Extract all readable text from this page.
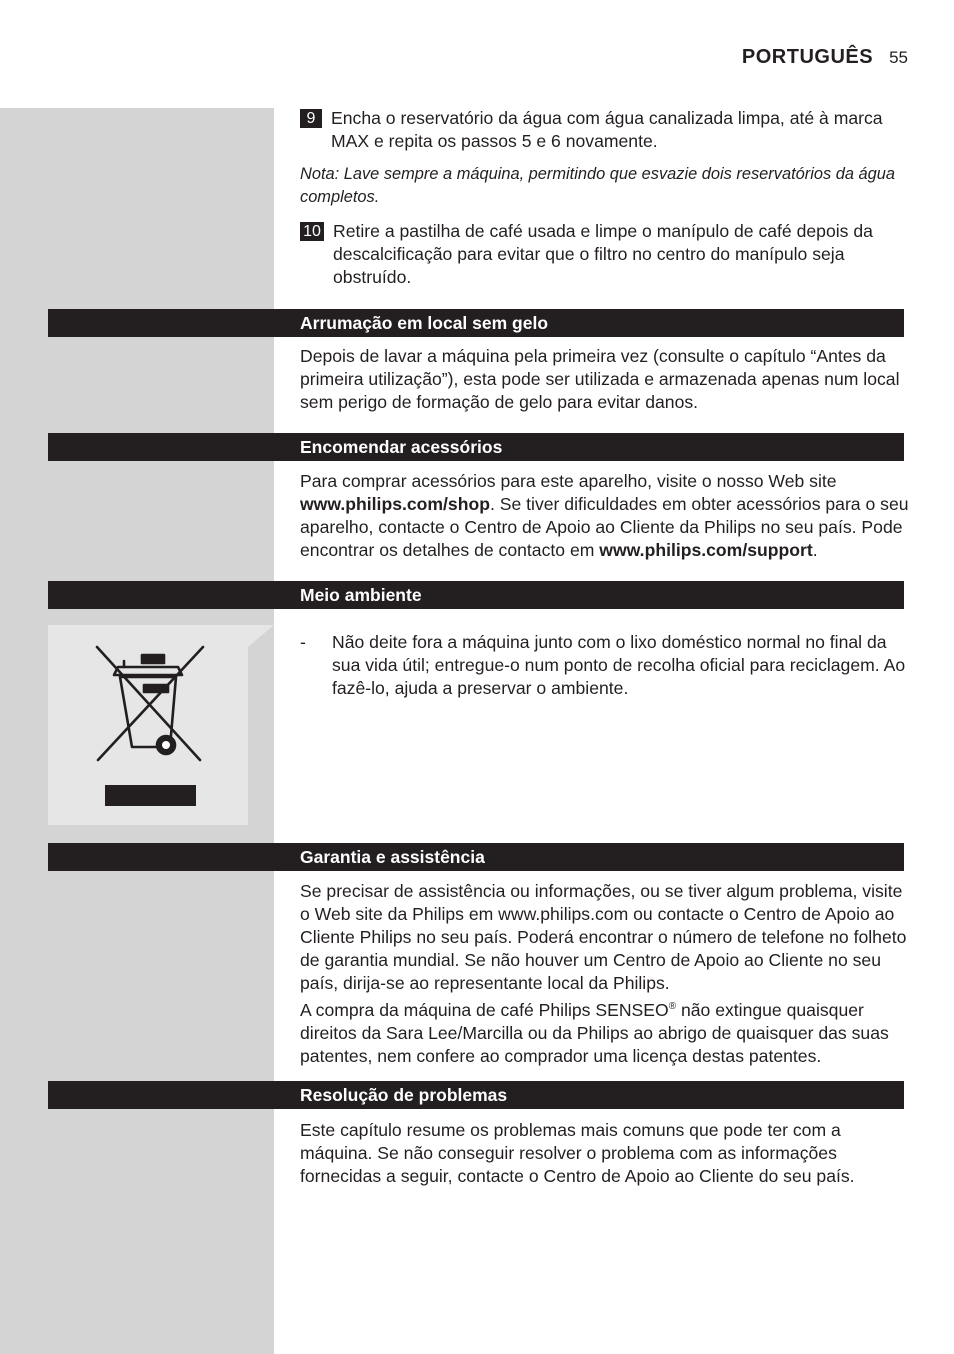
PORTUGUÊS 55
9 Encha o reservatório da água com água canalizada limpa, até à marca MAX e repita os passos 5 e 6 novamente.
Nota: Lave sempre a máquina, permitindo que esvazie dois reservatórios da água completos.
10 Retire a pastilha de café usada e limpe o manípulo de café depois da descalcificação para evitar que o filtro no centro do manípulo seja obstruído.
Arrumação em local sem gelo
Depois de lavar a máquina pela primeira vez (consulte o capítulo “Antes da primeira utilização”), esta pode ser utilizada e armazenada apenas num local sem perigo de formação de gelo para evitar danos.
Encomendar acessórios
Para comprar acessórios para este aparelho, visite o nosso Web site www.philips.com/shop. Se tiver dificuldades em obter acessórios para o seu aparelho, contacte o Centro de Apoio ao Cliente da Philips no seu país. Pode encontrar os detalhes de contacto em www.philips.com/support.
Meio ambiente
-	Não deite fora a máquina junto com o lixo doméstico normal no final da sua vida útil; entregue-o num ponto de recolha oficial para reciclagem. Ao fazê-lo, ajuda a preservar o ambiente.
Garantia e assistência
Se precisar de assistência ou informações, ou se tiver algum problema, visite o Web site da Philips em www.philips.com ou contacte o Centro de Apoio ao Cliente Philips no seu país. Poderá encontrar o número de telefone no folheto de garantia mundial. Se não houver um Centro de Apoio ao Cliente no seu país, dirija-se ao representante local da Philips.
A compra da máquina de café Philips SENSEO® não extingue quaisquer direitos da Sara Lee/Marcilla ou da Philips ao abrigo de quaisquer das suas patentes, nem confere ao comprador uma licença destas patentes.
Resolução de problemas
Este capítulo resume os problemas mais comuns que pode ter com a máquina. Se não conseguir resolver o problema com as informações fornecidas a seguir, contacte o Centro de Apoio ao Cliente do seu país.
